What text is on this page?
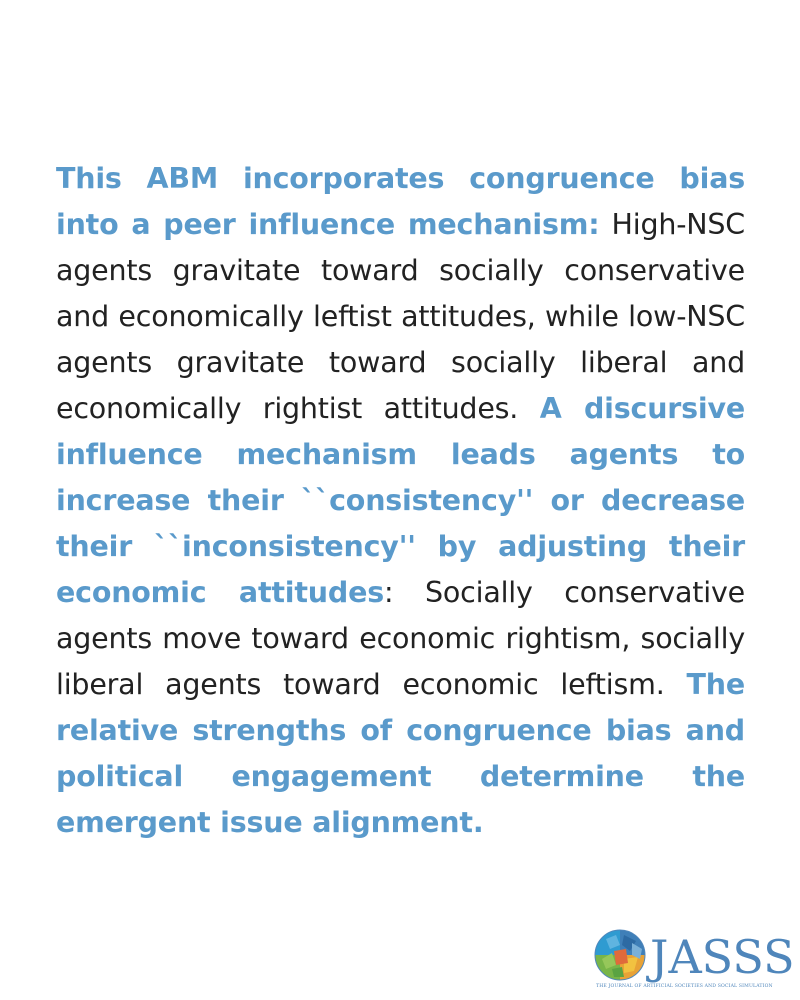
This ABM incorporates congruence bias into a peer influence mechanism: High-NSC agents gravitate toward socially conservative and economically leftist attitudes, while low-NSC agents gravitate toward socially liberal and economically rightist attitudes. A discursive influence mechanism leads agents to increase their ``consistency'' or decrease their ``inconsistency'' by adjusting their economic attitudes: Socially conservative agents move toward economic rightism, socially liberal agents toward economic leftism. The relative strengths of congruence bias and political engagement determine the emergent issue alignment.

JASSS
THE JOURNAL OF ARTIFICIAL SOCIETIES AND SOCIAL SIMULATION
